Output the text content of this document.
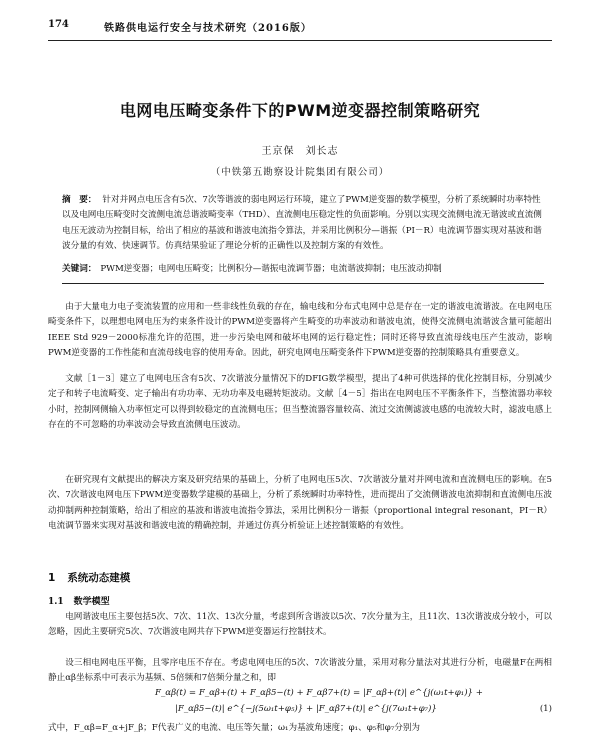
174	铁路供电运行安全与技术研究（2016版）
电网电压畸变条件下的PWM逆变器控制策略研究
王京保　刘长志
（中铁第五勘察设计院集团有限公司）
摘　要： 针对并网点电压含有5次、7次等谐波的弱电网运行环境，建立了PWM逆变器的数学模型，分析了系统瞬时功率特性以及电网电压畸变时交流侧电流总谐波畸变率（THD）、直流侧电压稳定性的负面影响。分别以实现交流侧电流无谐波或直流侧电压无波动为控制目标，给出了相应的基波和谐波电流指令算法，并采用比例积分—谐振（PI－R）电流调节器实现对基波和谐波分量的有效、快速调节。仿真结果验证了理论分析的正确性以及控制方案的有效性。
关键词： PWM逆变器；电网电压畸变；比例积分—谐振电流调节器；电流谐波抑制；电压波动抑制

由于大量电力电子变流装置的应用和一些非线性负载的存在，输电线和分布式电网中总是存在一定的谐波电流谐波。在电网电压畸变条件下，以理想电网电压为约束条件设计的PWM逆变器将产生畸变的功率波动和谐波电流，使得交流侧电流谐波含量可能超出IEEE Std 929－2000标准允许的范围，进一步污染电网和破坏电网的运行稳定性；同时还将导致直流母线电压产生波动，影响PWM逆变器的工作性能和直流母线电容的使用寿命。因此，研究电网电压畸变条件下PWM逆变器的控制策略具有重要意义。

文献［1－3］建立了电网电压含有5次、7次谐波分量情况下的DFIG数学模型，提出了4种可供选择的优化控制目标，分别减少定子和转子电流畸变、定子输出有功功率、无功功率及电磁转矩波动。文献［4－5］指出在电网电压不平衡条件下，当整流器功率较小时，控制网侧输入功率恒定可以得到较稳定的直流侧电压；但当整流器容量较高、流过交流侧滤波电感的电流较大时，滤波电感上存在的不可忽略的功率波动会导致直流侧电压波动。

在研究现有文献提出的解决方案及研究结果的基础上，分析了电网电压5次、7次谐波分量对并网电流和直流侧电压的影响。在5次、7次谐波电网电压下PWM逆变器数学建模的基础上，分析了系统瞬时功率特性，进而提出了交流侧谐波电流抑制和直流侧电压波动抑制两种控制策略，给出了相应的基波和谐波电流指令算法，采用比例积分－谐振（proportional integral resonant，PI－R）电流调节器来实现对基波和谐波电流的精确控制，并通过仿真分析验证上述控制策略的有效性。

1 系统动态建模
1.1 数学模型

电网谐波电压主要包括5次、7次、11次、13次分量，考虑到所含谐波以5次、7次分量为主，且11次、13次谐波成分较小，可以忽略，因此主要研究5次、7次谐波电网共存下PWM逆变器运行控制技术。

设三相电网电压平衡，且零序电压不存在。考虑电网电压的5次、7次谐波分量，采用对称分量法对其进行分析，电磁量F在两相静止αβ坐标系中可表示为基频、5倍频和7倍频分量之和，即

F_αβ(t) = F_αβ+(t) + F_αβ5−(t) + F_αβ7+(t) = |F_αβ+(t)| e^{j(ω₁t+φ₁)} +
|F_αβ5−(t)| e^{−j(5ω₁t+φ₅)} + |F_αβ7+(t)| e^{j(7ω₁t+φ₇)}	(1)

式中，F_αβ=F_α+jF_β；F代表广义的电流、电压等矢量；ω₁为基波角速度；φ₁、φ₅和φ₇分别为
